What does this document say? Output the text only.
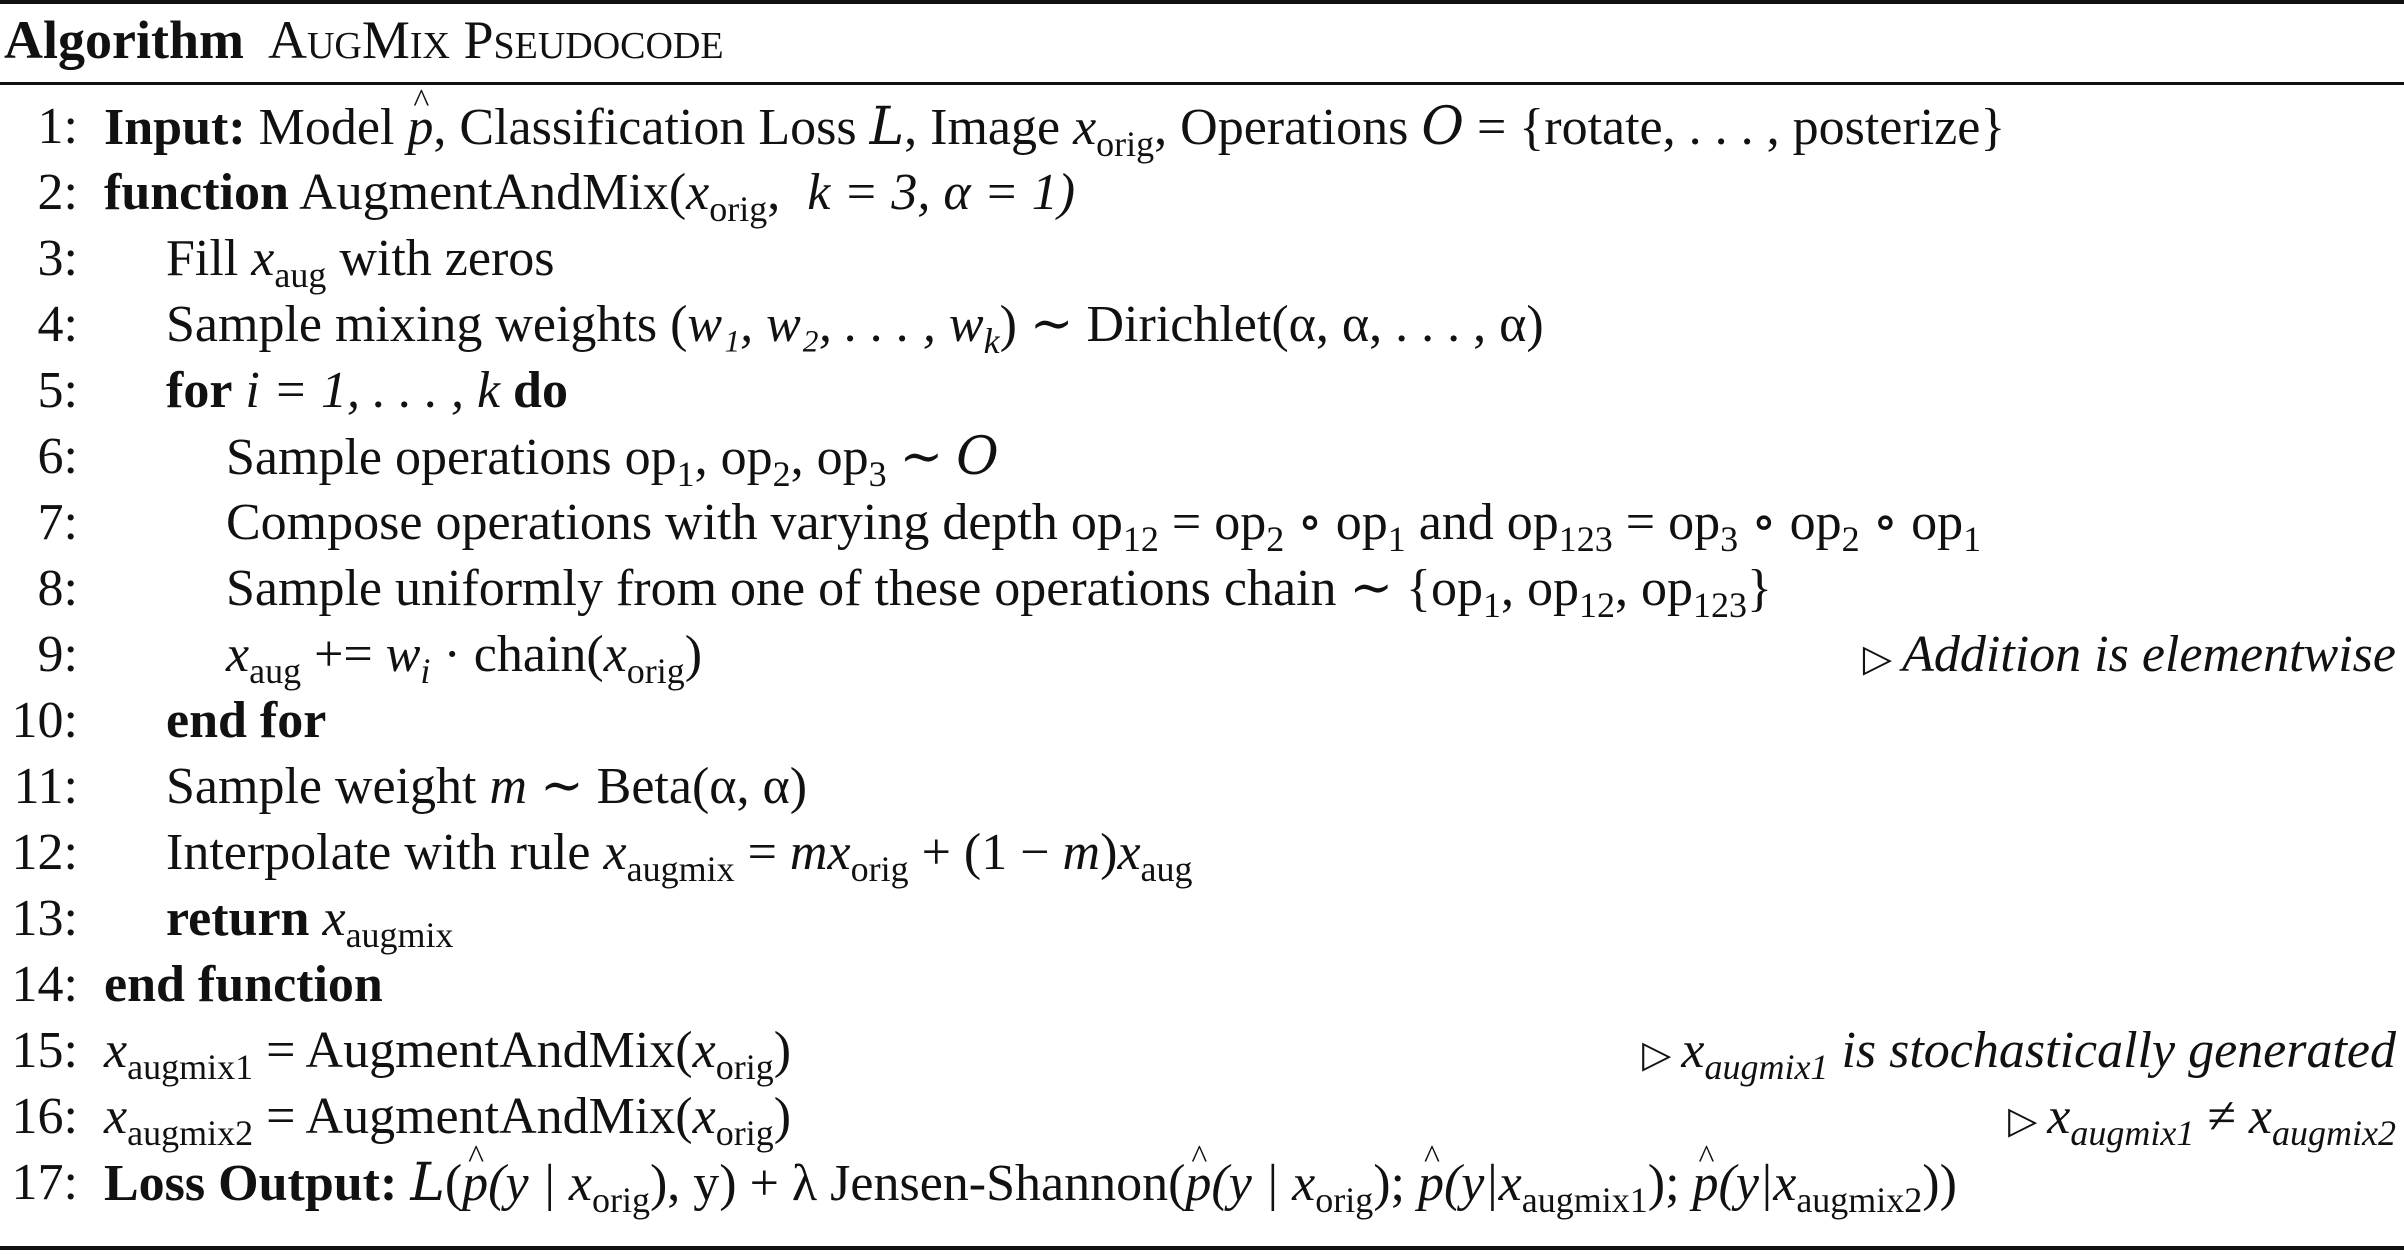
Algorithm AugMix Pseudocode
1: Input: Model ^ p, Classification Loss L, Image $x_{orig}$, Operations O = {rotate, . . . , posterize}
2: function $AugmentAndMix(x_{orig}$, k = 3, α = 1)
3: Fill $x_{aug}$ with zeros
4: Sample mixing weights (w₁, w₂, . . . , $w_k$) ∼ Dirichlet(α, α, . . . , α)
5: for i = 1, . . . , k do
6:	Sample operations $op_1$, $op_2$, $op_3$ ∼ O
7:	Compose operations with varying depth $op_{12} = op_2$ ∘ $op_1$ and $op_{123} = op_3$ ∘ $op_2$ ∘ $op_1$
8:	Sample uniformly from one of these operations chain ∼ {$op_1$, $op_{12}$, $op_{123}$}
9:	$x_{aug} += w_i$ · $chain(x_{orig})$	▷ Addition is elementwise
10: end for
11: Sample weight m ∼ Beta(α, α)
12: Interpolate with rule $x_{augmix} = mx_{orig} + (1 - m)x_{aug}$
13: return $x_{augmix}$
14: end function
15: $x_{augmix1}$ = $AugmentAndMix(x_{orig})$	▷ $x_{augmix1}$ is stochastically generated
16: $x_{augmix2}$ = $AugmentAndMix(x_{orig})$	▷ $x_{augmix1} \ne x_{augmix2}$
17: Loss Output: L(^ p(y | $x_{orig}$), y) + λ Jensen-Shannon(^ p(y | $x_{orig}$); ^ $p(y|x_{augmix1})$; ^ $p(y|x_{augmix2})$)
